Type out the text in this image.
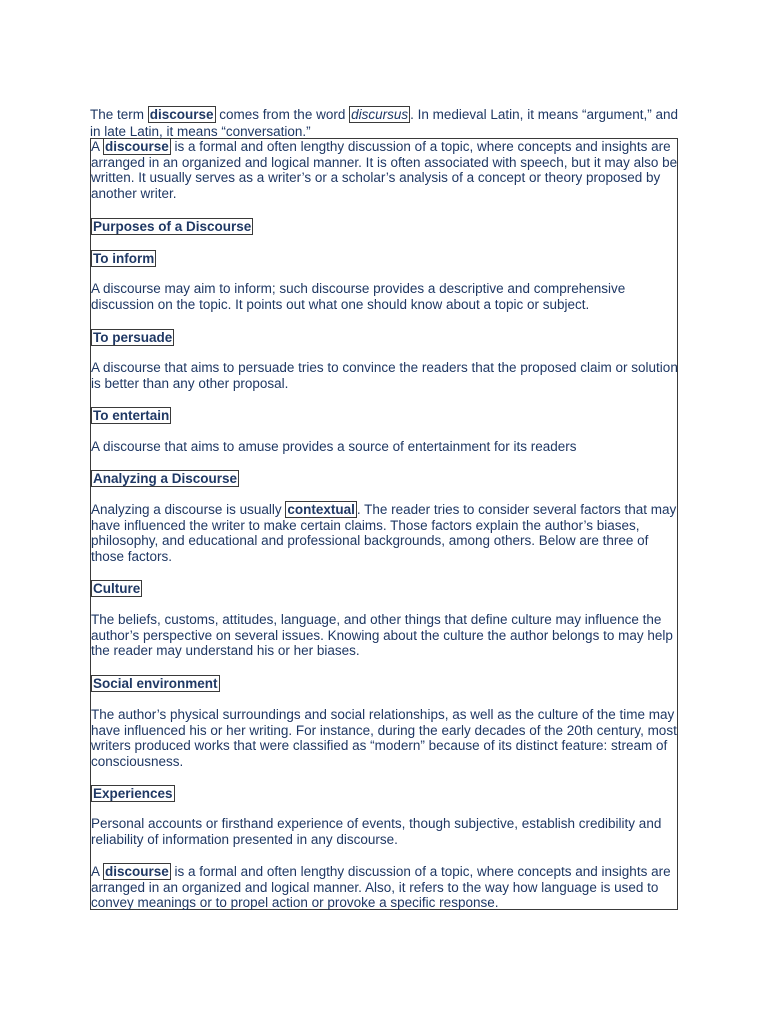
The term discourse comes from the word discursus . In medieval Latin, it means “argument,” and in late Latin, it means “conversation.”

A discourse is a formal and often lengthy discussion of a topic, where concepts and insights are arranged in an organized and logical manner. It is often associated with speech, but it may also be written. It usually serves as a writer’s or a scholar’s analysis of a concept or theory proposed by another writer.

Purposes of a Discourse

To inform

A discourse may aim to inform; such discourse provides a descriptive and comprehensive discussion on the topic. It points out what one should know about a topic or subject.

To persuade

A discourse that aims to persuade tries to convince the readers that the proposed claim or solution is better than any other proposal.

To entertain

A discourse that aims to amuse provides a source of entertainment for its readers

Analyzing a Discourse

Analyzing a discourse is usually contextual . The reader tries to consider several factors that may have influenced the writer to make certain claims. Those factors explain the author’s biases, philosophy, and educational and professional backgrounds, among others. Below are three of those factors.

Culture

The beliefs, customs, attitudes, language, and other things that define culture may influence the author’s perspective on several issues. Knowing about the culture the author belongs to may help the reader may understand his or her biases.

Social environment

The author’s physical surroundings and social relationships, as well as the culture of the time may have influenced his or her writing. For instance, during the early decades of the 20th century, most writers produced works that were classified as “modern” because of its distinct feature: stream of consciousness.

Experiences

Personal accounts or firsthand experience of events, though subjective, establish credibility and reliability of information presented in any discourse.

A discourse is a formal and often lengthy discussion of a topic, where concepts and insights are arranged in an organized and logical manner. Also, it refers to the way how language is used to convey meanings or to propel action or provoke a specific response.
